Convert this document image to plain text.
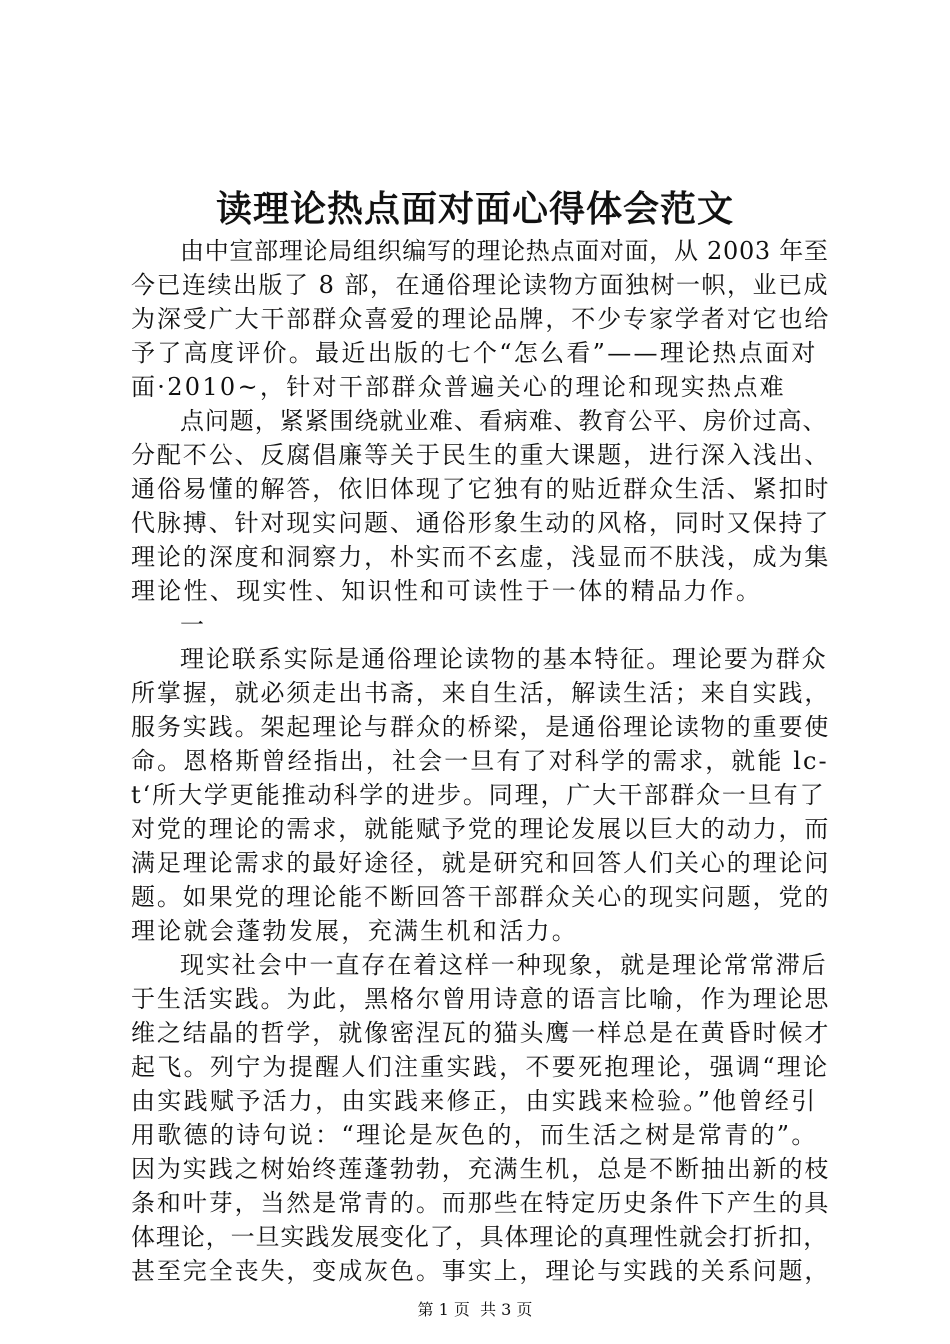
读理论热点面对面心得体会范文
由中宣部理论局组织编写的理论热点面对面，从 2003 年至
今已连续出版了 8 部，在通俗理论读物方面独树一帜，业已成
为深受广大干部群众喜爱的理论品牌，不少专家学者对它也给
予了高度评价。最近出版的七个“怎么看”——理论热点面对
面·2010~，针对干部群众普遍关心的理论和现实热点难
点问题，紧紧围绕就业难、看病难、教育公平、房价过高、
分配不公、反腐倡廉等关于民生的重大课题，进行深入浅出、
通俗易懂的解答，依旧体现了它独有的贴近群众生活、紧扣时
代脉搏、针对现实问题、通俗形象生动的风格，同时又保持了
理论的深度和洞察力，朴实而不玄虚，浅显而不肤浅，成为集
理论性、现实性、知识性和可读性于一体的精品力作。
一
理论联系实际是通俗理论读物的基本特征。理论要为群众
所掌握，就必须走出书斋，来自生活，解读生活；来自实践，
服务实践。架起理论与群众的桥梁，是通俗理论读物的重要使
命。恩格斯曾经指出，社会一旦有了对科学的需求，就能 lc-
t‘所大学更能推动科学的进步。同理，广大干部群众一旦有了
对党的理论的需求，就能赋予党的理论发展以巨大的动力，而
满足理论需求的最好途径，就是研究和回答人们关心的理论问
题。如果党的理论能不断回答干部群众关心的现实问题，党的
理论就会蓬勃发展，充满生机和活力。
现实社会中一直存在着这样一种现象，就是理论常常滞后
于生活实践。为此，黑格尔曾用诗意的语言比喻，作为理论思
维之结晶的哲学，就像密涅瓦的猫头鹰一样总是在黄昏时候才
起飞。列宁为提醒人们注重实践，不要死抱理论，强调“理论
由实践赋予活力，由实践来修正，由实践来检验。”他曾经引
用歌德的诗句说：“理论是灰色的，而生活之树是常青的”。
因为实践之树始终莲蓬勃勃，充满生机，总是不断抽出新的枝
条和叶芽，当然是常青的。而那些在特定历史条件下产生的具
体理论，一旦实践发展变化了，具体理论的真理性就会打折扣，
甚至完全丧失，变成灰色。事实上，理论与实践的关系问题，
第 1 页  共 3 页
